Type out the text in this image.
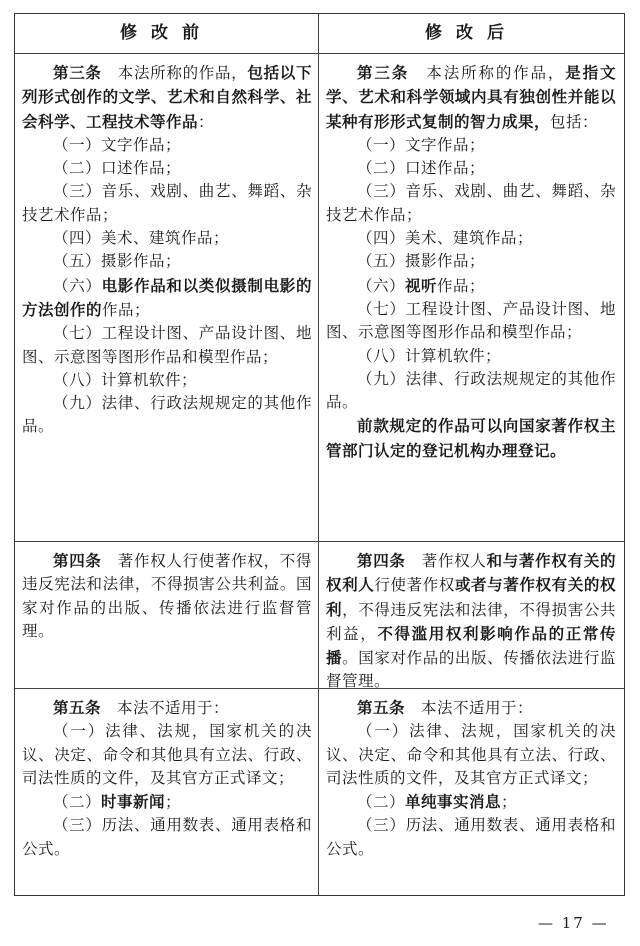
修改前	修改后

第三条　本法所称的作品，包括以下列形式创作的文学、艺术和自然科学、社会科学、工程技术等作品：

（一）文字作品；

（二）口述作品；

（三）音乐、戏剧、曲艺、舞蹈、杂技艺术作品；

（四）美术、建筑作品；

（五）摄影作品；

（六）电影作品和以类似摄制电影的方法创作的作品；

（七）工程设计图、产品设计图、地图、示意图等图形作品和模型作品；

（八）计算机软件；

（九）法律、行政法规规定的其他作品。

第三条　本法所称的作品，是指文学、艺术和科学领域内具有独创性并能以某种有形形式复制的智力成果，包括：

（一）文字作品；

（二）口述作品；

（三）音乐、戏剧、曲艺、舞蹈、杂技艺术作品；

（四）美术、建筑作品；

（五）摄影作品；

（六）视听作品；

（七）工程设计图、产品设计图、地图、示意图等图形作品和模型作品；

（八）计算机软件；

（九）法律、行政法规规定的其他作品。

前款规定的作品可以向国家著作权主管部门认定的登记机构办理登记。

第四条　著作权人行使著作权，不得违反宪法和法律，不得损害公共利益。国家对作品的出版、传播依法进行监督管理。

第四条　著作权人和与著作权有关的权利人行使著作权或者与著作权有关的权利，不得违反宪法和法律，不得损害公共利益，不得滥用权利影响作品的正常传播。国家对作品的出版、传播依法进行监督管理。

第五条　本法不适用于：

（一）法律、法规，国家机关的决议、决定、命令和其他具有立法、行政、司法性质的文件，及其官方正式译文；

（二）时事新闻；

（三）历法、通用数表、通用表格和公式。

第五条　本法不适用于：

（一）法律、法规，国家机关的决议、决定、命令和其他具有立法、行政、司法性质的文件，及其官方正式译文；

（二）单纯事实消息；

（三）历法、通用数表、通用表格和公式。

— 17 —
